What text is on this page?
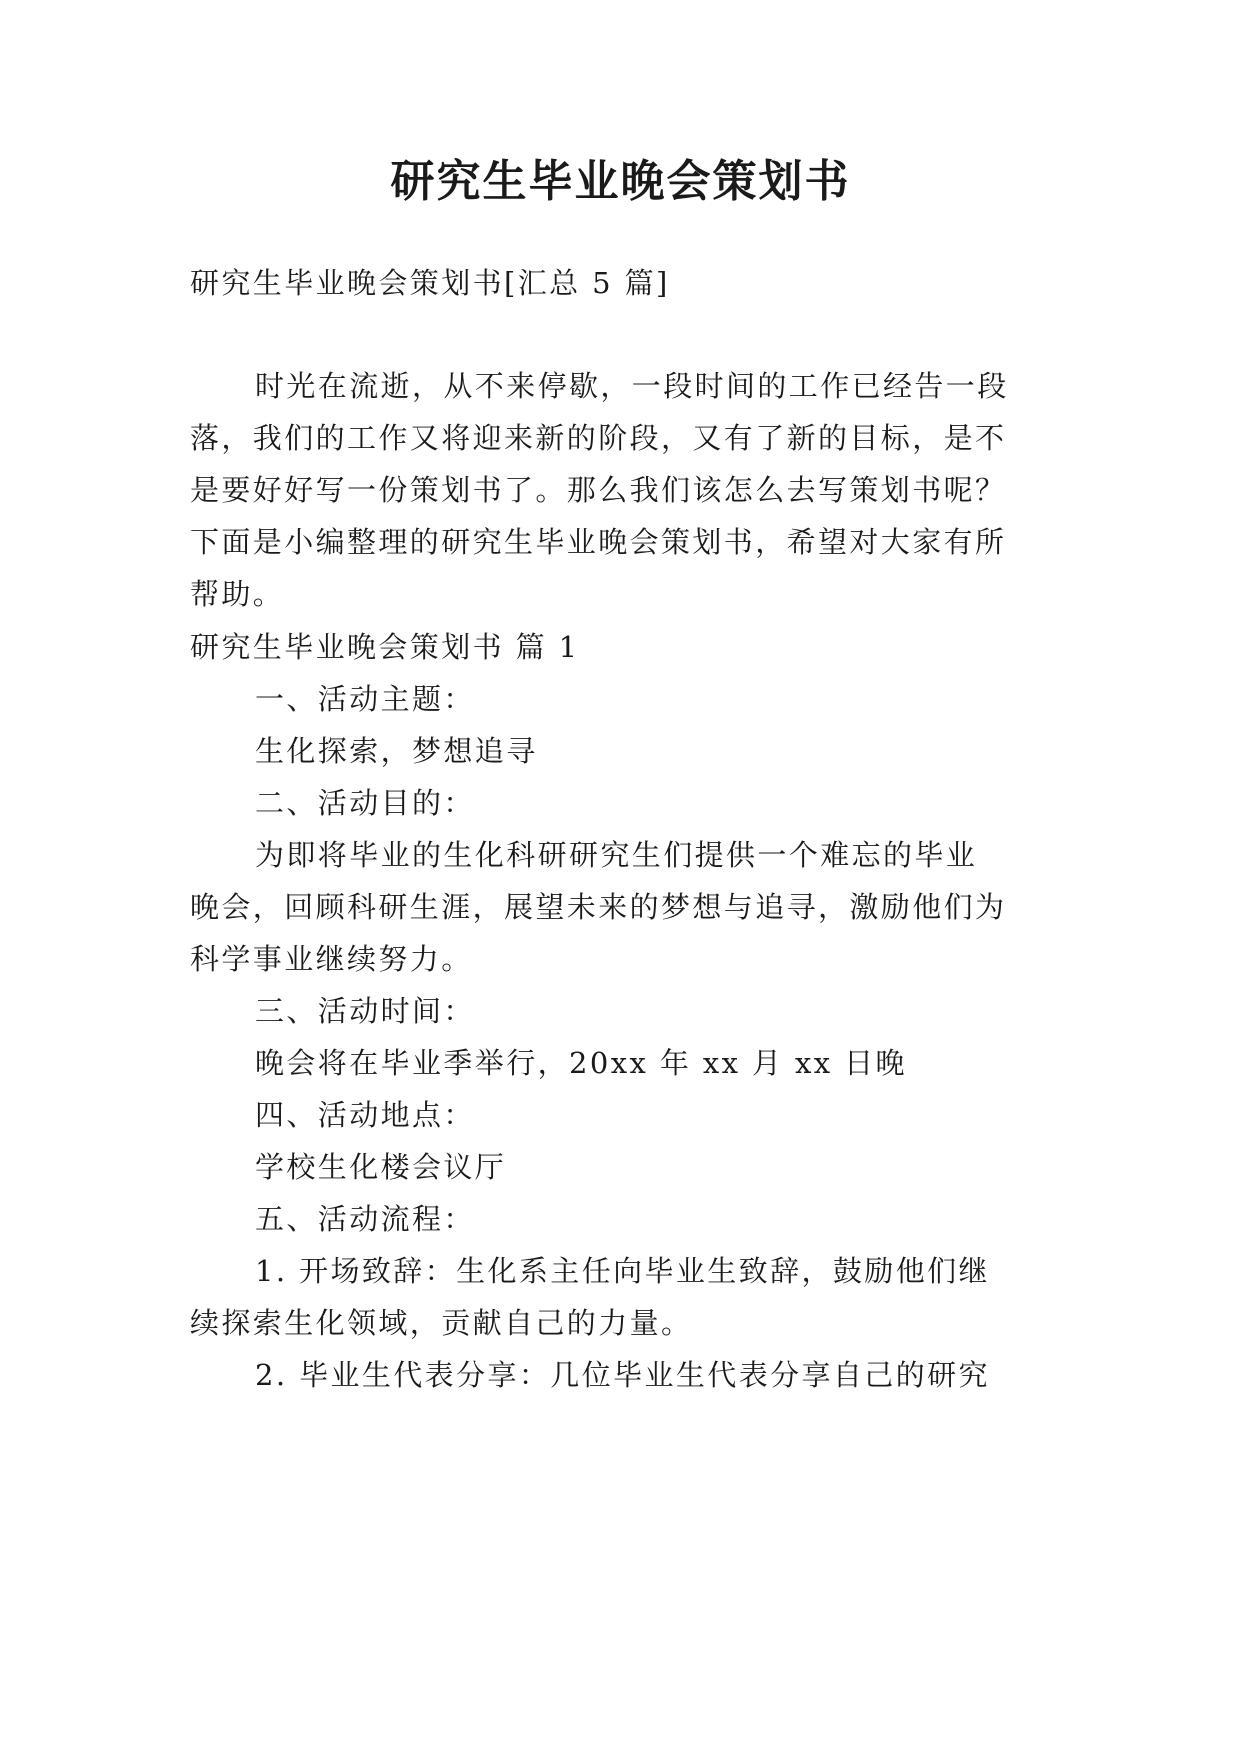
研究生毕业晚会策划书
研究生毕业晚会策划书[汇总 5 篇]
时光在流逝，从不来停歇，一段时间的工作已经告一段
落，我们的工作又将迎来新的阶段，又有了新的目标，是不
是要好好写一份策划书了。那么我们该怎么去写策划书呢？
下面是小编整理的研究生毕业晚会策划书，希望对大家有所
帮助。
研究生毕业晚会策划书 篇 1
一、活动主题：
生化探索，梦想追寻
二、活动目的：
为即将毕业的生化科研研究生们提供一个难忘的毕业
晚会，回顾科研生涯，展望未来的梦想与追寻，激励他们为
科学事业继续努力。
三、活动时间：
晚会将在毕业季举行，20xx 年 xx 月 xx 日晚
四、活动地点：
学校生化楼会议厅
五、活动流程：
1. 开场致辞：生化系主任向毕业生致辞，鼓励他们继
续探索生化领域，贡献自己的力量。
2. 毕业生代表分享：几位毕业生代表分享自己的研究
